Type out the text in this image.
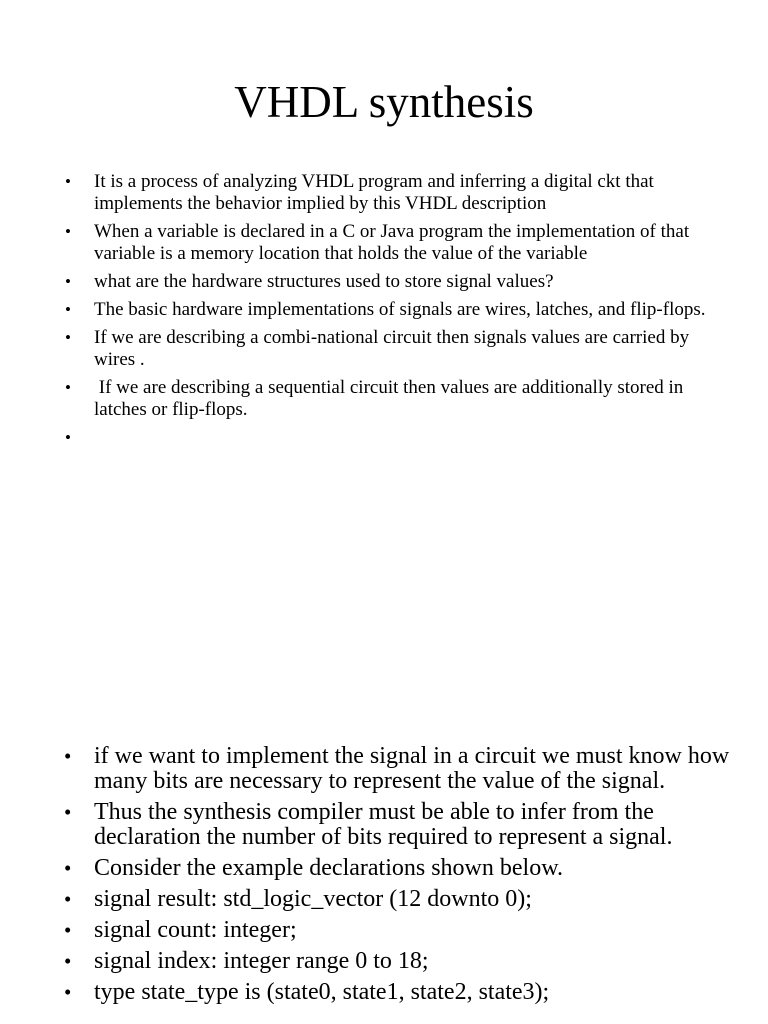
VHDL synthesis
• It is a process of analyzing VHDL program and inferring a digital ckt that implements the behavior implied by this VHDL description
• When a variable is declared in a C or Java program the implementation of that variable is a memory location that holds the value of the variable
• what are the hardware structures used to store signal values?
• The basic hardware implementations of signals are wires, latches, and flip-flops.
• If we are describing a combi-national circuit then signals values are carried by wires .
• If we are describing a sequential circuit then values are additionally stored in latches or flip-flops.
•

• if we want to implement the signal in a circuit we must know how many bits are necessary to represent the value of the signal.
• Thus the synthesis compiler must be able to infer from the declaration the number of bits required to represent a signal.
• Consider the example declarations shown below.
• signal result: std_logic_vector (12 downto 0);
• signal count: integer;
• signal index: integer range 0 to 18;
• type state_type is (state0, state1, state2, state3);
